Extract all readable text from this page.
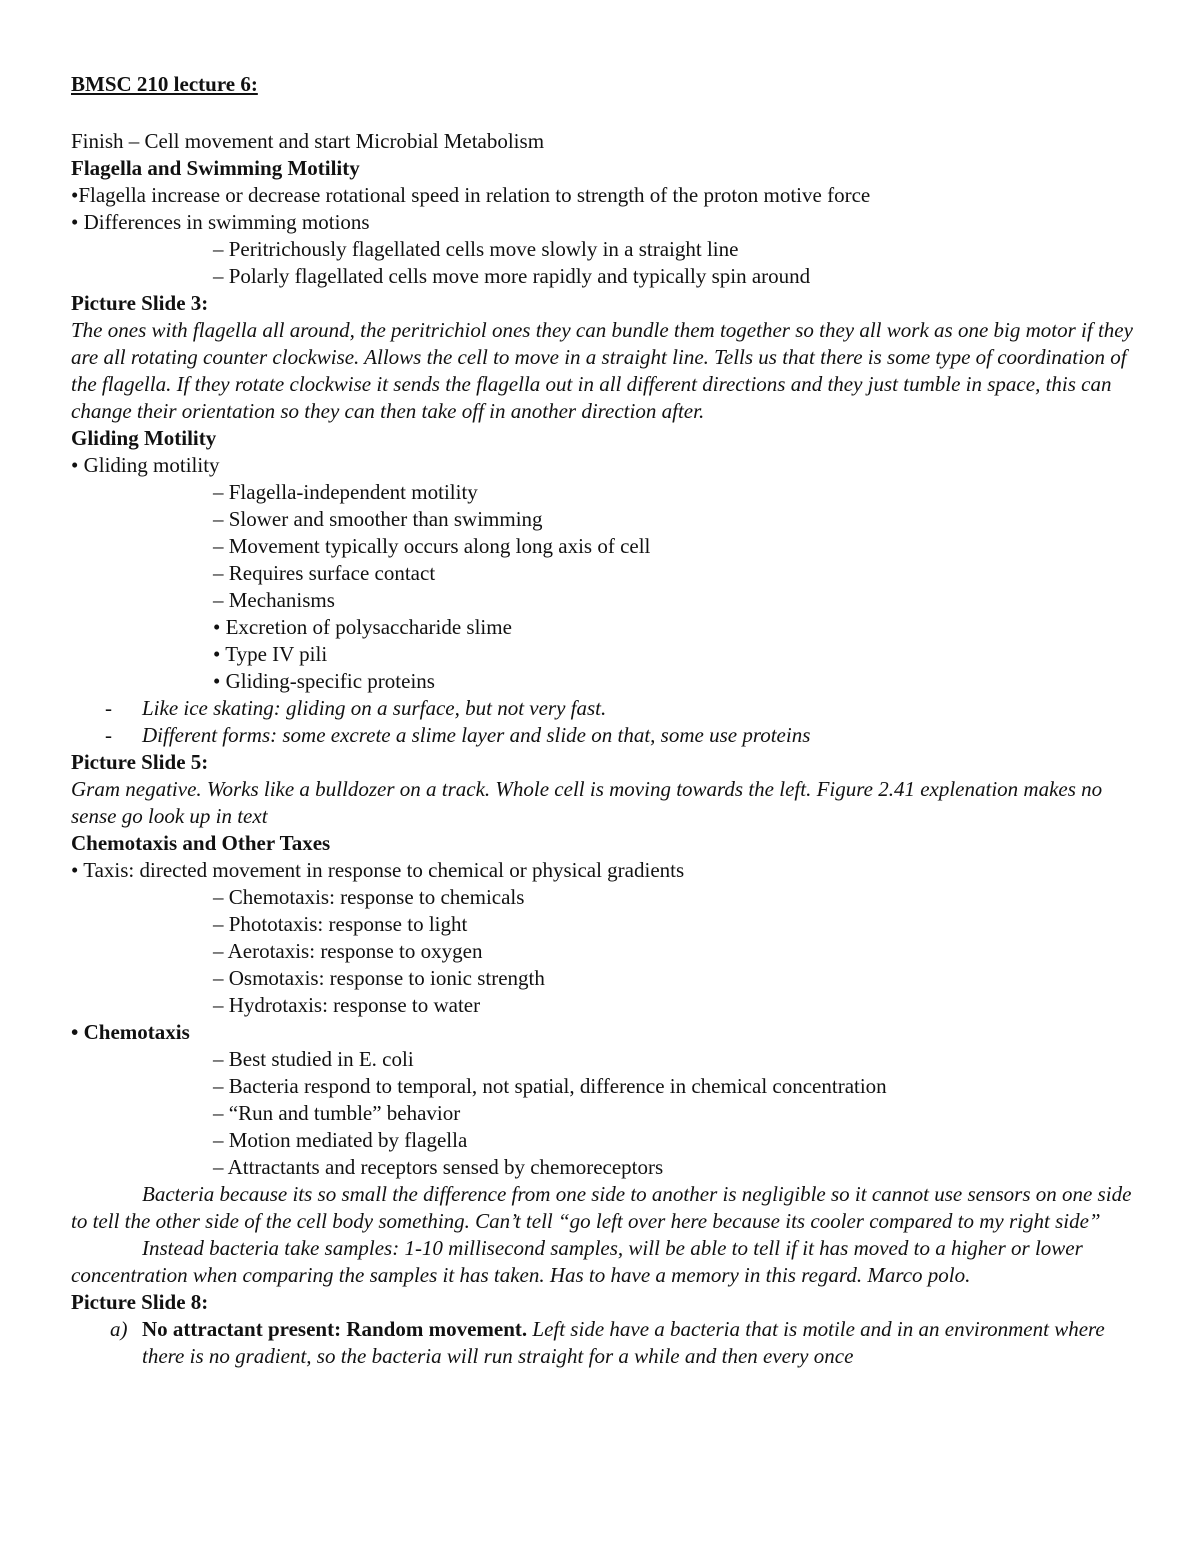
BMSC 210 lecture 6:
Finish – Cell movement and start Microbial Metabolism
Flagella and Swimming Motility
•Flagella increase or decrease rotational speed in relation to strength of the proton motive force
• Differences in swimming motions
– Peritrichously flagellated cells move slowly in a straight line
– Polarly flagellated cells move more rapidly and typically spin around
Picture Slide 3:
The ones with flagella all around, the peritrichiol ones they can bundle them together so they all work as one big motor if they are all rotating counter clockwise. Allows the cell to move in a straight line. Tells us that there is some type of coordination of the flagella. If they rotate clockwise it sends the flagella out in all different directions and they just tumble in space, this can change their orientation so they can then take off in another direction after.
Gliding Motility
• Gliding motility
– Flagella-independent motility
– Slower and smoother than swimming
– Movement typically occurs along long axis of cell
– Requires surface contact
– Mechanisms
• Excretion of polysaccharide slime
• Type IV pili
• Gliding-specific proteins
- Like ice skating: gliding on a surface, but not very fast.
- Different forms: some excrete a slime layer and slide on that, some use proteins
Picture Slide 5:
Gram negative. Works like a bulldozer on a track. Whole cell is moving towards the left. Figure 2.41 explenation makes no sense go look up in text
Chemotaxis and Other Taxes
• Taxis: directed movement in response to chemical or physical gradients
– Chemotaxis: response to chemicals
– Phototaxis: response to light
– Aerotaxis: response to oxygen
– Osmotaxis: response to ionic strength
– Hydrotaxis: response to water
• Chemotaxis
– Best studied in E. coli
– Bacteria respond to temporal, not spatial, difference in chemical concentration
– “Run and tumble” behavior
– Motion mediated by flagella
– Attractants and receptors sensed by chemoreceptors
Bacteria because its so small the difference from one side to another is negligible so it cannot use sensors on one side to tell the other side of the cell body something. Can’t tell “go left over here because its cooler compared to my right side”
Instead bacteria take samples: 1-10 millisecond samples, will be able to tell if it has moved to a higher or lower concentration when comparing the samples it has taken. Has to have a memory in this regard. Marco polo.
Picture Slide 8:
a) No attractant present: Random movement. Left side have a bacteria that is motile and in an environment where there is no gradient, so the bacteria will run straight for a while and then every once
